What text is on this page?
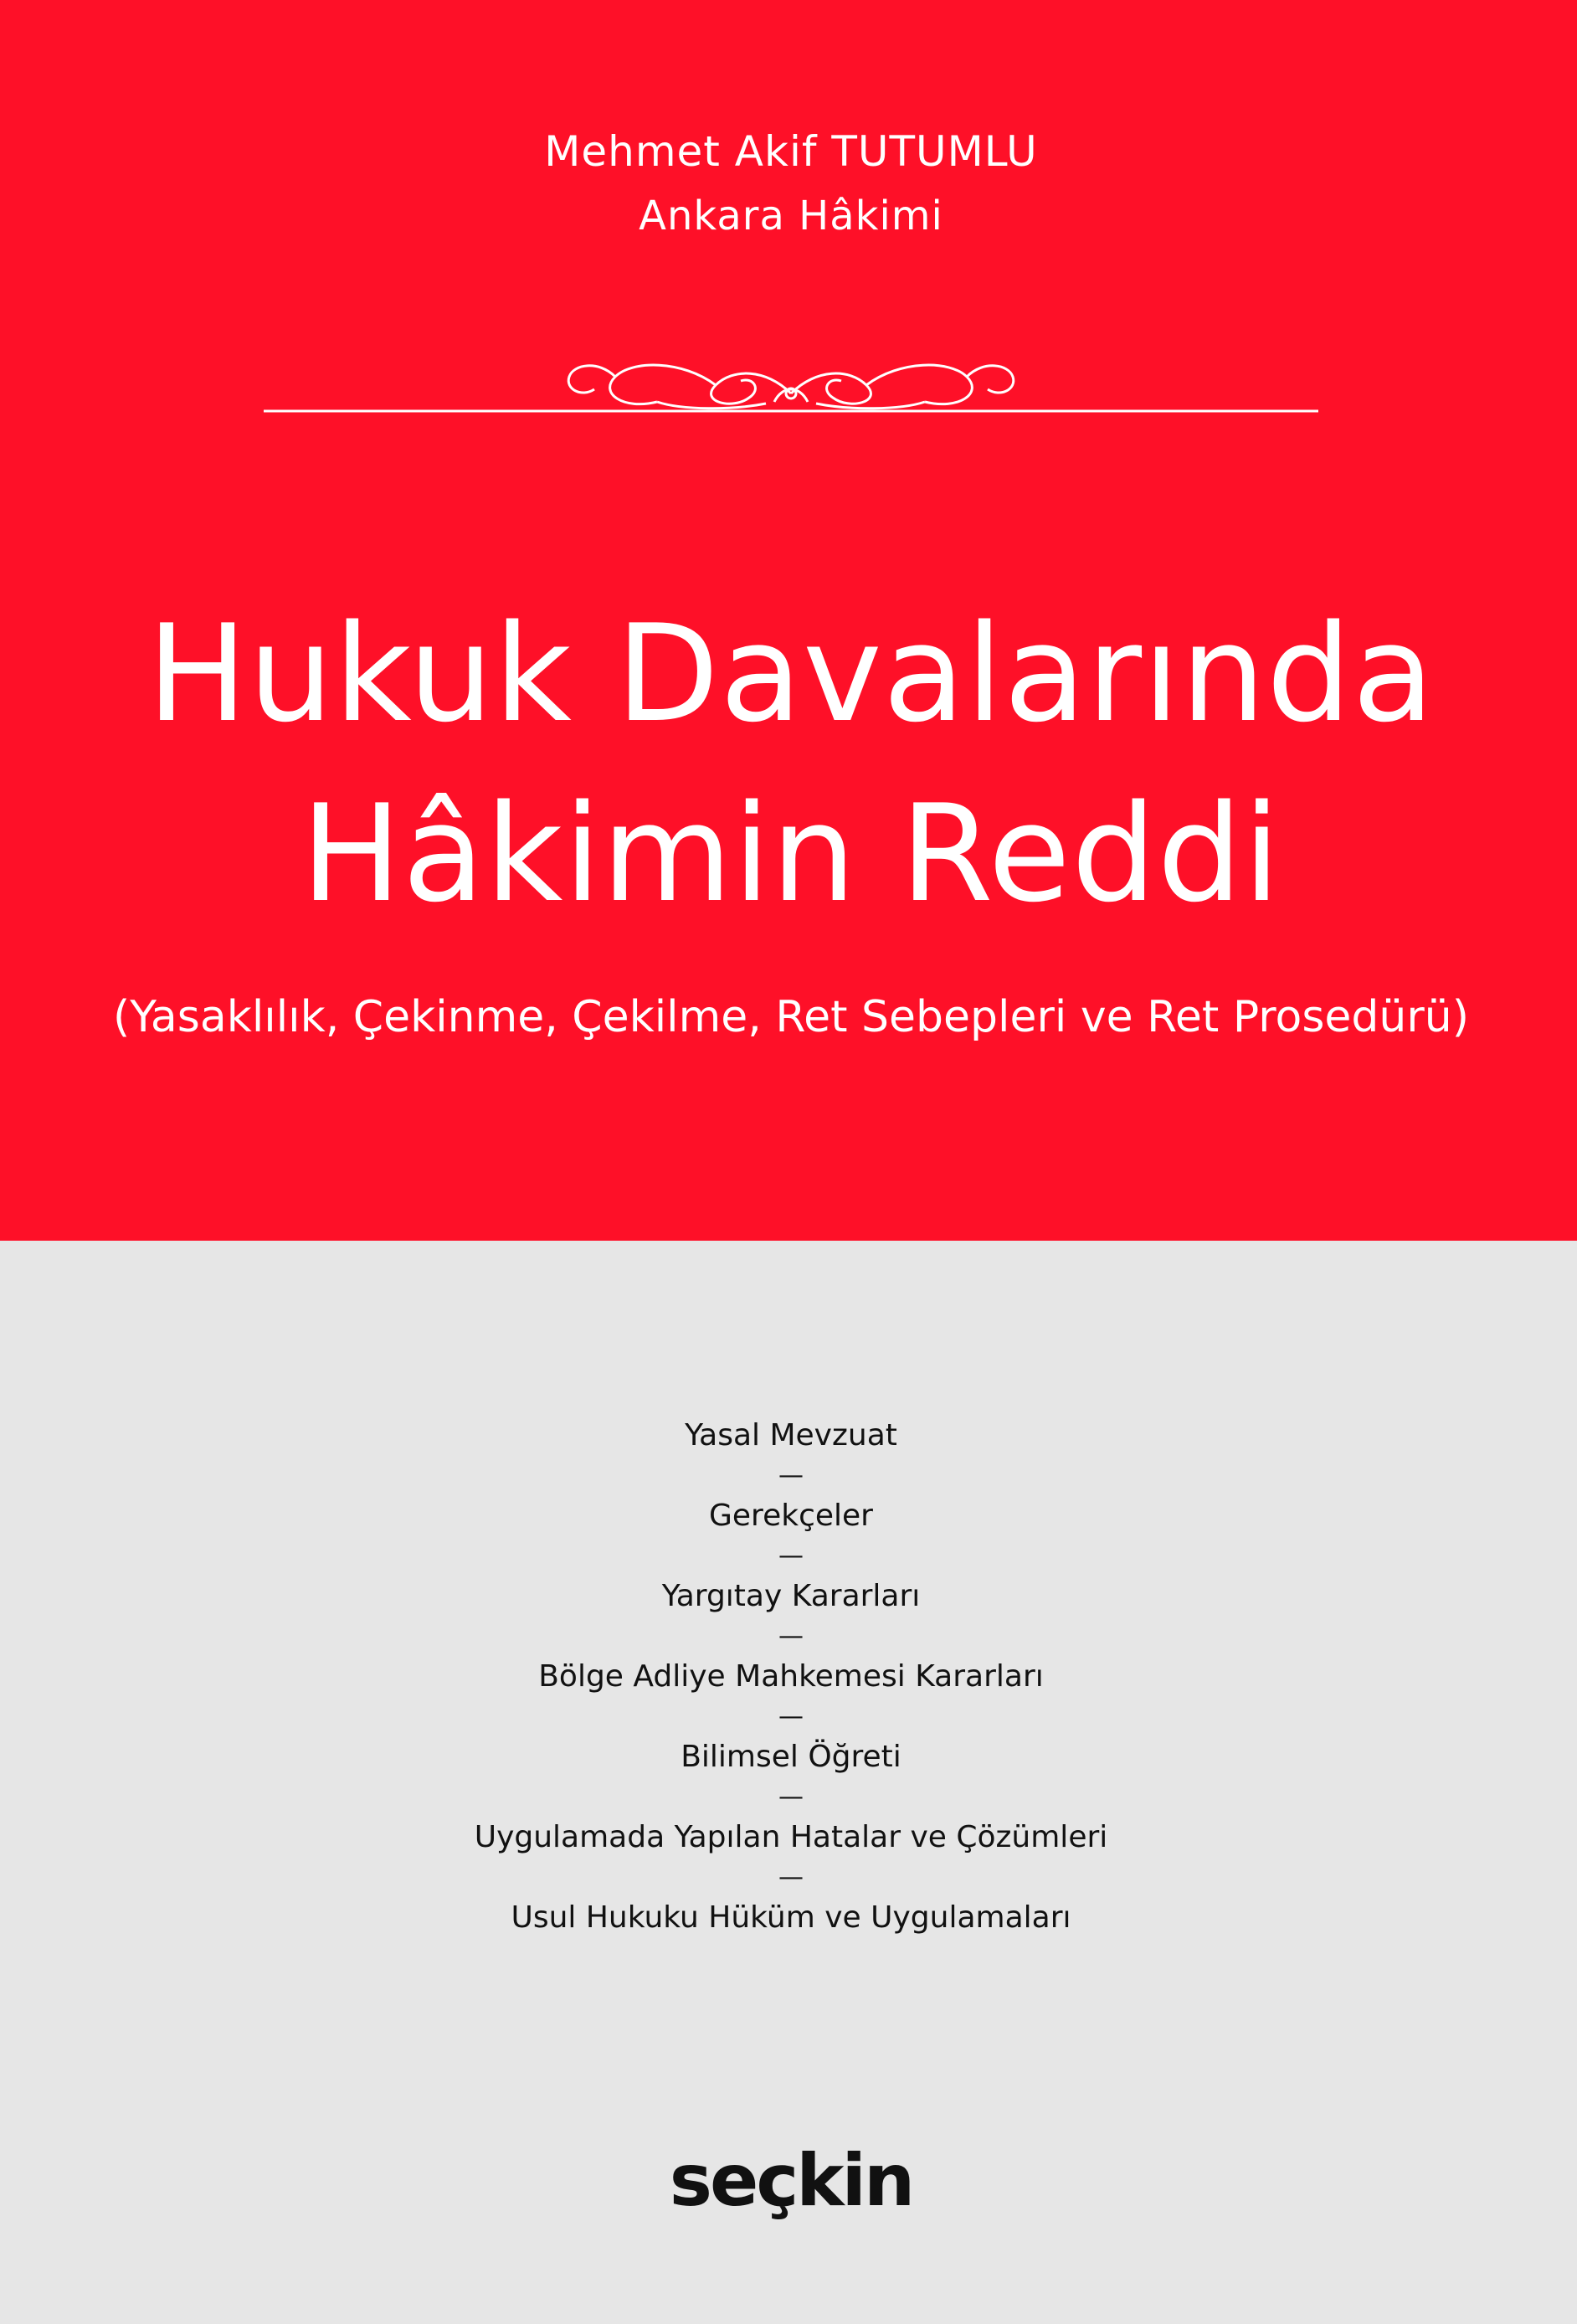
Mehmet Akif TUTUMLU
Ankara Hâkimi
Hukuk Davalarında
Hâkimin Reddi
(Yasaklılık, Çekinme, Çekilme, Ret Sebepleri ve Ret Prosedürü)
Yasal Mevzuat
—
Gerekçeler
—
Yargıtay Kararları
—
Bölge Adliye Mahkemesi Kararları
—
Bilimsel Öğreti
—
Uygulamada Yapılan Hatalar ve Çözümleri
—
Usul Hukuku Hüküm ve Uygulamaları
seçkin
